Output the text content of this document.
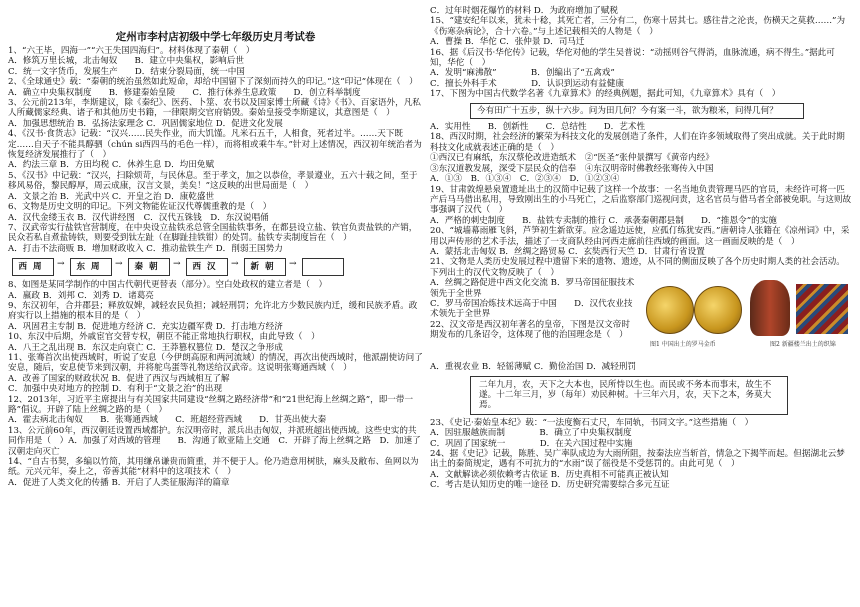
定州市李村店初级中学七年级历史月考试卷

1、“六王毕，四海一”“六王失国四海归”。材料体现了秦朝（　）

A．修筑万里长城，北击匈奴　　B．建立中央集权，影响后世

C．统一文字货币，发展生产　　D．结束分裂局面，统一中国

2、《全球通史》载：“秦朝的统治虽然如此短命，却给中国留下了深刻而持久的印记。”这“印记”体现在（　）

A．确立中央集权制度　　B．修建秦始皇陵　　C．推行休养生息政策　　D．创立科举制度

3、公元前213年，李斯建议，除《秦纪》、医药、卜筮、农书以及国家博士所藏《诗》《书》、百家语外，凡私人所藏儒家经典、诸子和其他历史书籍，一律限期交官府销毁。秦始皇接受李斯建议，其意图是（　）

A．加强思想统治 B．弘扬法家理念 C．巩固儒家地位 D．促进文化发展

4、《汉书·食货志》记载：“汉兴……民失作业，而大饥馑。凡米石五千，人相食，死者过半。……天下既定……自天子不能具醇驷（chún si西四马的毛色一样），而将相或乘牛车。”针对上述情况，西汉初年统治者为恢复经济发展推行了（　）

A．约法三章 B．方田均税 C．休养生息 D．均田免赋

5、《汉书》中记载：“汉兴，扫除烦苛，与民休息。至于孝文，加之以恭俭，孝景遵业，五六十载之间，至于移风易俗，黎民醇厚，周云成康，汉言文景，美矣！”这反映的出世局面是（　）

A．文景之治 B．光武中兴 C．开皇之治 D．康乾盛世

6、文物是历史文明的印记。下列文物能佐证汉代尊儒重教的是（　）

A．汉代金缕玉衣 B．汉代讲经图　C．汉代五铢钱　D．东汉说唱俑

7、汉武帝实行盐铁官营制度，在中央设立盐铁丞总管全国盐铁事务，在都县设立盐、铁官负责盐铁的产销，民众若私自煮盐铸铁，则要受到钛左趾（在脚趾挂铁钳）的处罚。盐铁专卖制度旨在（　）

A．打击不法商贩 B．增加财政收入 C．推动盐铁生产 D．削弱王国势力

西周 →	东周 →	秦朝 →	西汉 →	新朝
→

8、如图是某同学制作的中国古代朝代更替表（部分）。空白处政权的建立者是（　）

A．嬴政 B．刘邦 C．刘秀 D．诸葛亮

9、东汉初年，合并郡县；释放奴婢，减轻农民负担；减轻刑罚；允许北方少数民族内迁，缓和民族矛盾。政府实行以上措施的根本目的是（　）

A．巩固君主专制 B．促进地方经济 C．充实边疆军费 D．打击地方经济

10、东汉中后期，外戚宦官交替专权，朝臣不能正常地执行职权，由此导致（　）

A．八王之乱出现 B．东汉走向衰亡 C．王莽篡权篡位 D．楚汉之争形成

11、张骞首次出使西域时，听说了安息（今伊朗高原和两河流域）的情况，再次出使西域时，他派副使访问了安息，随后，安息使节来到汉朝，并将鸵鸟蛋等礼物送给汉武帝。这说明张骞通西域（　）

A．改善了国家的财政状况 B．促进了西汉与西域相互了解

C．加强中央对地方的控制 D．有利于“文景之治”的出现

12、2013年，习近平主席提出与有关国家共同建设“丝绸之路经济带”和“21世纪海上丝绸之路”，即一带一路”倡议。开辟了陆上丝绸之路的是（　）

A．霍去病北击匈奴　　B．张骞通西域　　C．班超经营西域　　D．甘英出使大秦

13、公元前60年，西汉朝廷设置西域都护。东汉明帝时，派兵出击匈奴，并派班超出使西域。这些史实的共同作用是（　）A．加强了对西域的管理　　B．沟通了欧亚陆上交通　C．开辟了海上丝绸之路　D．加速了汉朝走向灭亡

14、“自古书契，多编以竹简，其用缣帛谦贵而简重，并不便于人。伦乃造意用树肤，麻头及敝布、鱼网以为纸。元兴元年，奏上之，帝善其能”材料中的这项技术（　）

A．促进了人类文化的传播 B．开启了人类征服海洋的篇章

C．过年时烟花爆竹的材料 D．为政府增加了赋税

15、“建安纪年以来，犹未十稔，其死亡者，三分有二，伤寒十居其七。感往昔之沦丧，伤横天之莫救……”为《伤寒杂病论》，合十六卷。”与上述记载相关的人物是（　）

A．曹操 B．华佗 C．张仲景 D．司马迁

16、据《后汉书·华佗传》记载，华佗对他的学生吴普说：“动摇则谷气得消，血脉流通，病不得生。”据此可知，华佗（　）

A．发明“麻沸散”　　　　B．创编出了“五禽戏”

C．擅长外科手术　　　　D．认识到运动有益健康

17、下图为中国古代数学名著《九章算术》的经典例题，据此可知，《九章算术》具有（　）

今有田广十五步，纵十六步。问为田几何？今有案一斗，欲为粮米，问得几何？

A．实用性　　B．创新性　　C．总结性　　D．艺术性

18、西汉时期，社会经济的繁荣为科技文化的发展创造了条件，人们在许多领域取得了突出成就。关于此时期科技文化成就表述正确的是（　）

①西汉已有麻纸，东汉蔡伦改进造纸术　②“医圣”张仲景撰写《黄帝内经》

③东汉道教发展，深受下层民众的信奉　④东汉明帝时佛教经张骞传入中国

A．①③　B．①③④　C．②③④　D．①②③④

19、甘肃敦煌悬泉置遗址出土的汉简中记载了这样一个故事：一名当地负责管理马匹的官员，未经许可将一匹产后马马借出私用，导致刚出生的小马死亡，之后监察部门巡视问责，这名官员与借马者全部被免职。与这则故事强调了汉代（　）

A．严格的刺史制度　　B．盐铁专卖制的推行 C．承袭秦朝郡县制　　D．“推恩令”的实施

20、“城墙幕雨雁飞斜，芦笋初生新欲芽。应念遥边远使，应孤仃练犹安西。”唐朝诗人张籍在《凉州词》中，采用以声传形的艺术手法，描述了一支商队经由河西走廊前往西域的画面。这一画面反映的是（　）

A．蒙括北击匈奴 B．丝绸之路贸易 C．玄奘西行天竺 D．甘肃行省设置

21、文物是人类历史发展过程中遗留下来的遗物、遗迹，从不同的侧面反映了各个历史时期人类的社会活动。下列出土的汉代文物反映了（　）

A．丝绸之路促进中西文化交流 B．罗马帝国征服技术领先于全世界

C．罗马帝国冶炼技术远高于中国　　D．汉代农业技术领先于全世界

22、汉文帝是西汉初年著名的皇帝，下图是汉文帝时期发布的几条诏令，这体现了他的治国理念是（　）

图1 中国出土的罗马金币	图2 新疆楼兰出土的织锦

A．重视农业 B．轻徭薄赋 C．勤俭治国 D．减轻刑罚

二年九月，农，天下之大本也，民所恃以生也。而民或不务本而事末，故生不遂。十二年三月，岁（每年）劝民种树。十三年六月，农，天下之本，务莫大焉。

23、《史记·秦始皇本纪》载：“一法度衡石丈尺，车同轨，书同文字。”这些措施（　）

A．因驻服越族而制　　　　B．确立了中央集权制度

C．巩固了国家统一　　　　D．在关六国过程中实施

24、据《史记》记载，陈胜、吴广率队成边为大雨所阻，按秦法应当斩首，情急之下揭竿而起。但据湖北云梦出土的秦简规定，遇有不可抗力的“水雨”误了徭役是不受惩罚的。由此可见（　）

A．文献解读必须依赖考古依证 B．历史真相不可能真正被认知

C．考古是认知历史的唯一途径 D．历史研究需要综合多元互证
